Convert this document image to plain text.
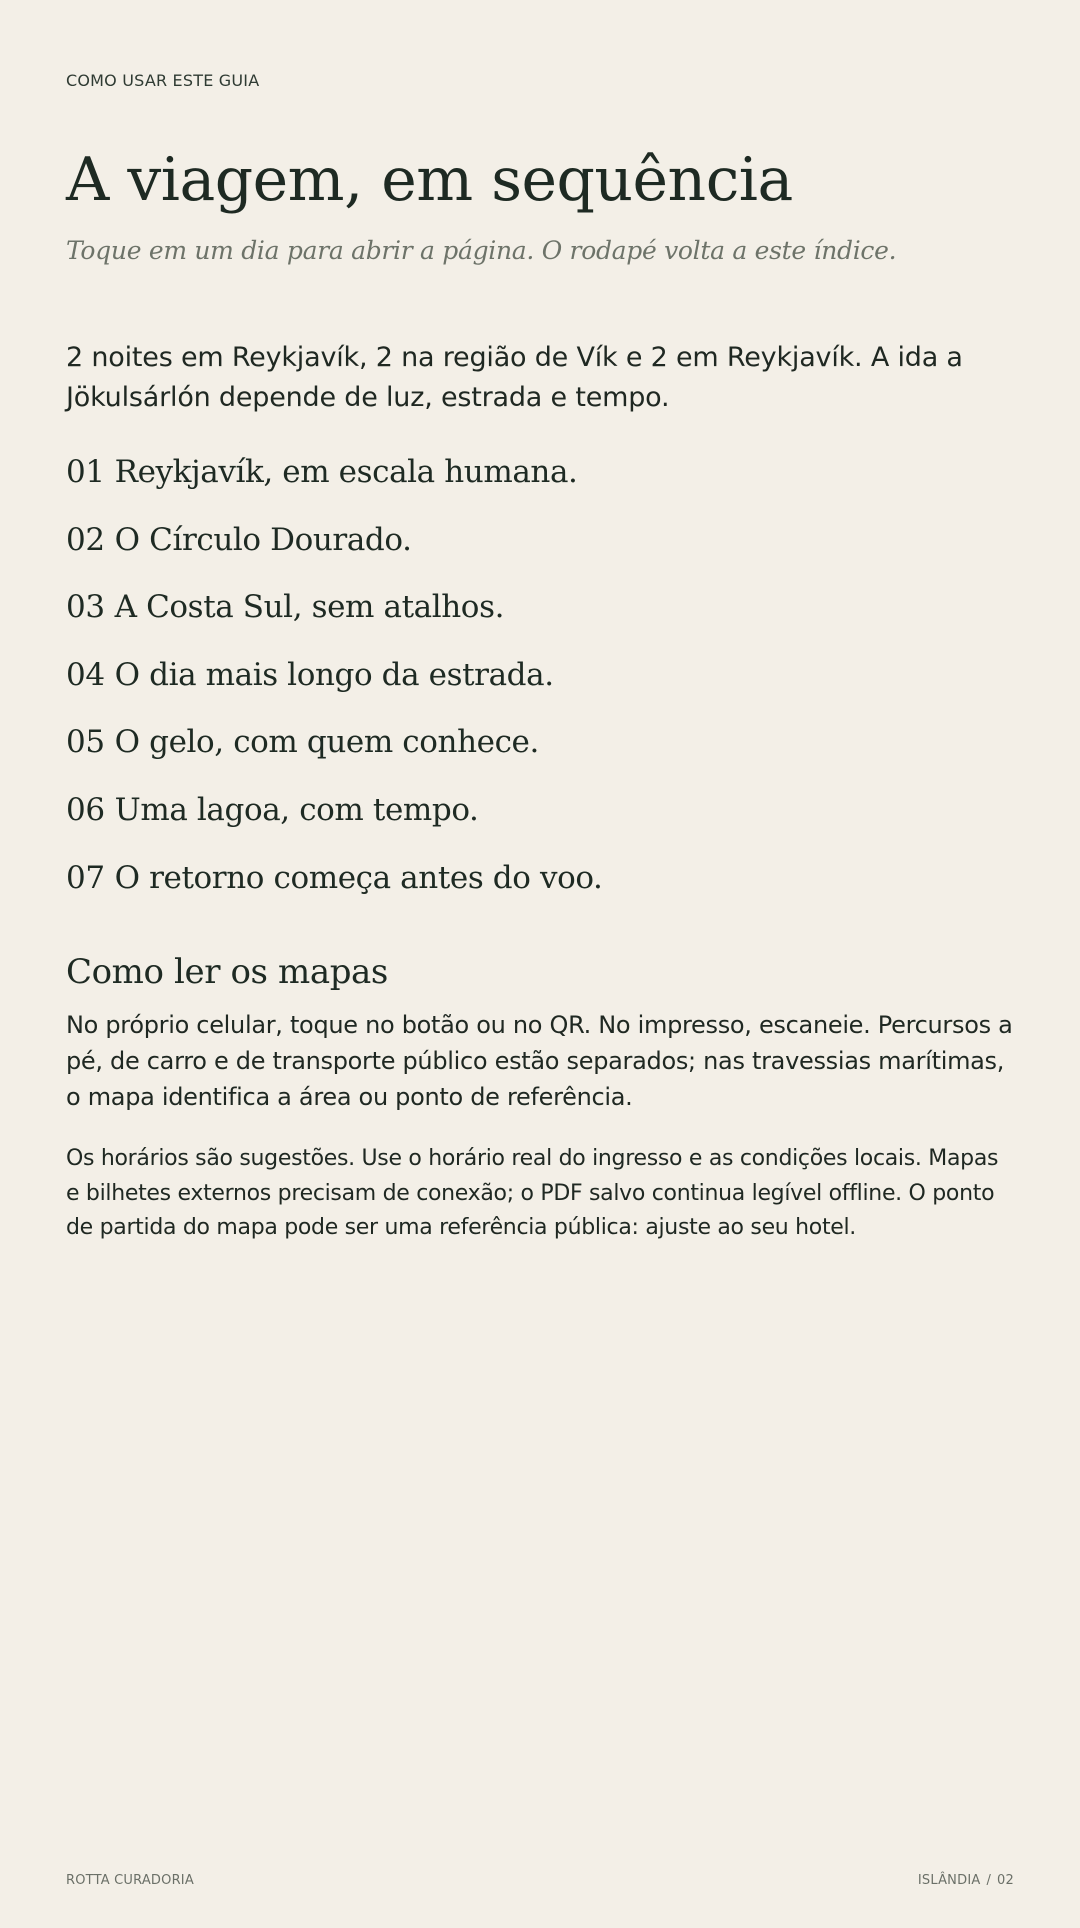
COMO USAR ESTE GUIA
A viagem, em sequência
Toque em um dia para abrir a página. O rodapé volta a este índice.
2 noites em Reykjavík, 2 na região de Vík e 2 em Reykjavík. A ida a Jökulsárlón depende de luz, estrada e tempo.
01 Reykjavík, em escala humana.
02 O Círculo Dourado.
03 A Costa Sul, sem atalhos.
04 O dia mais longo da estrada.
05 O gelo, com quem conhece.
06 Uma lagoa, com tempo.
07 O retorno começa antes do voo.
Como ler os mapas

No próprio celular, toque no botão ou no QR. No impresso, escaneie. Percursos a pé, de carro e de transporte público estão separados; nas travessias marítimas, o mapa identifica a área ou ponto de referência.

Os horários são sugestões. Use o horário real do ingresso e as condições locais. Mapas e bilhetes externos precisam de conexão; o PDF salvo continua legível offline. O ponto de partida do mapa pode ser uma referência pública: ajuste ao seu hotel.

ROTTA CURADORIA	ISLÂNDIA / 02
